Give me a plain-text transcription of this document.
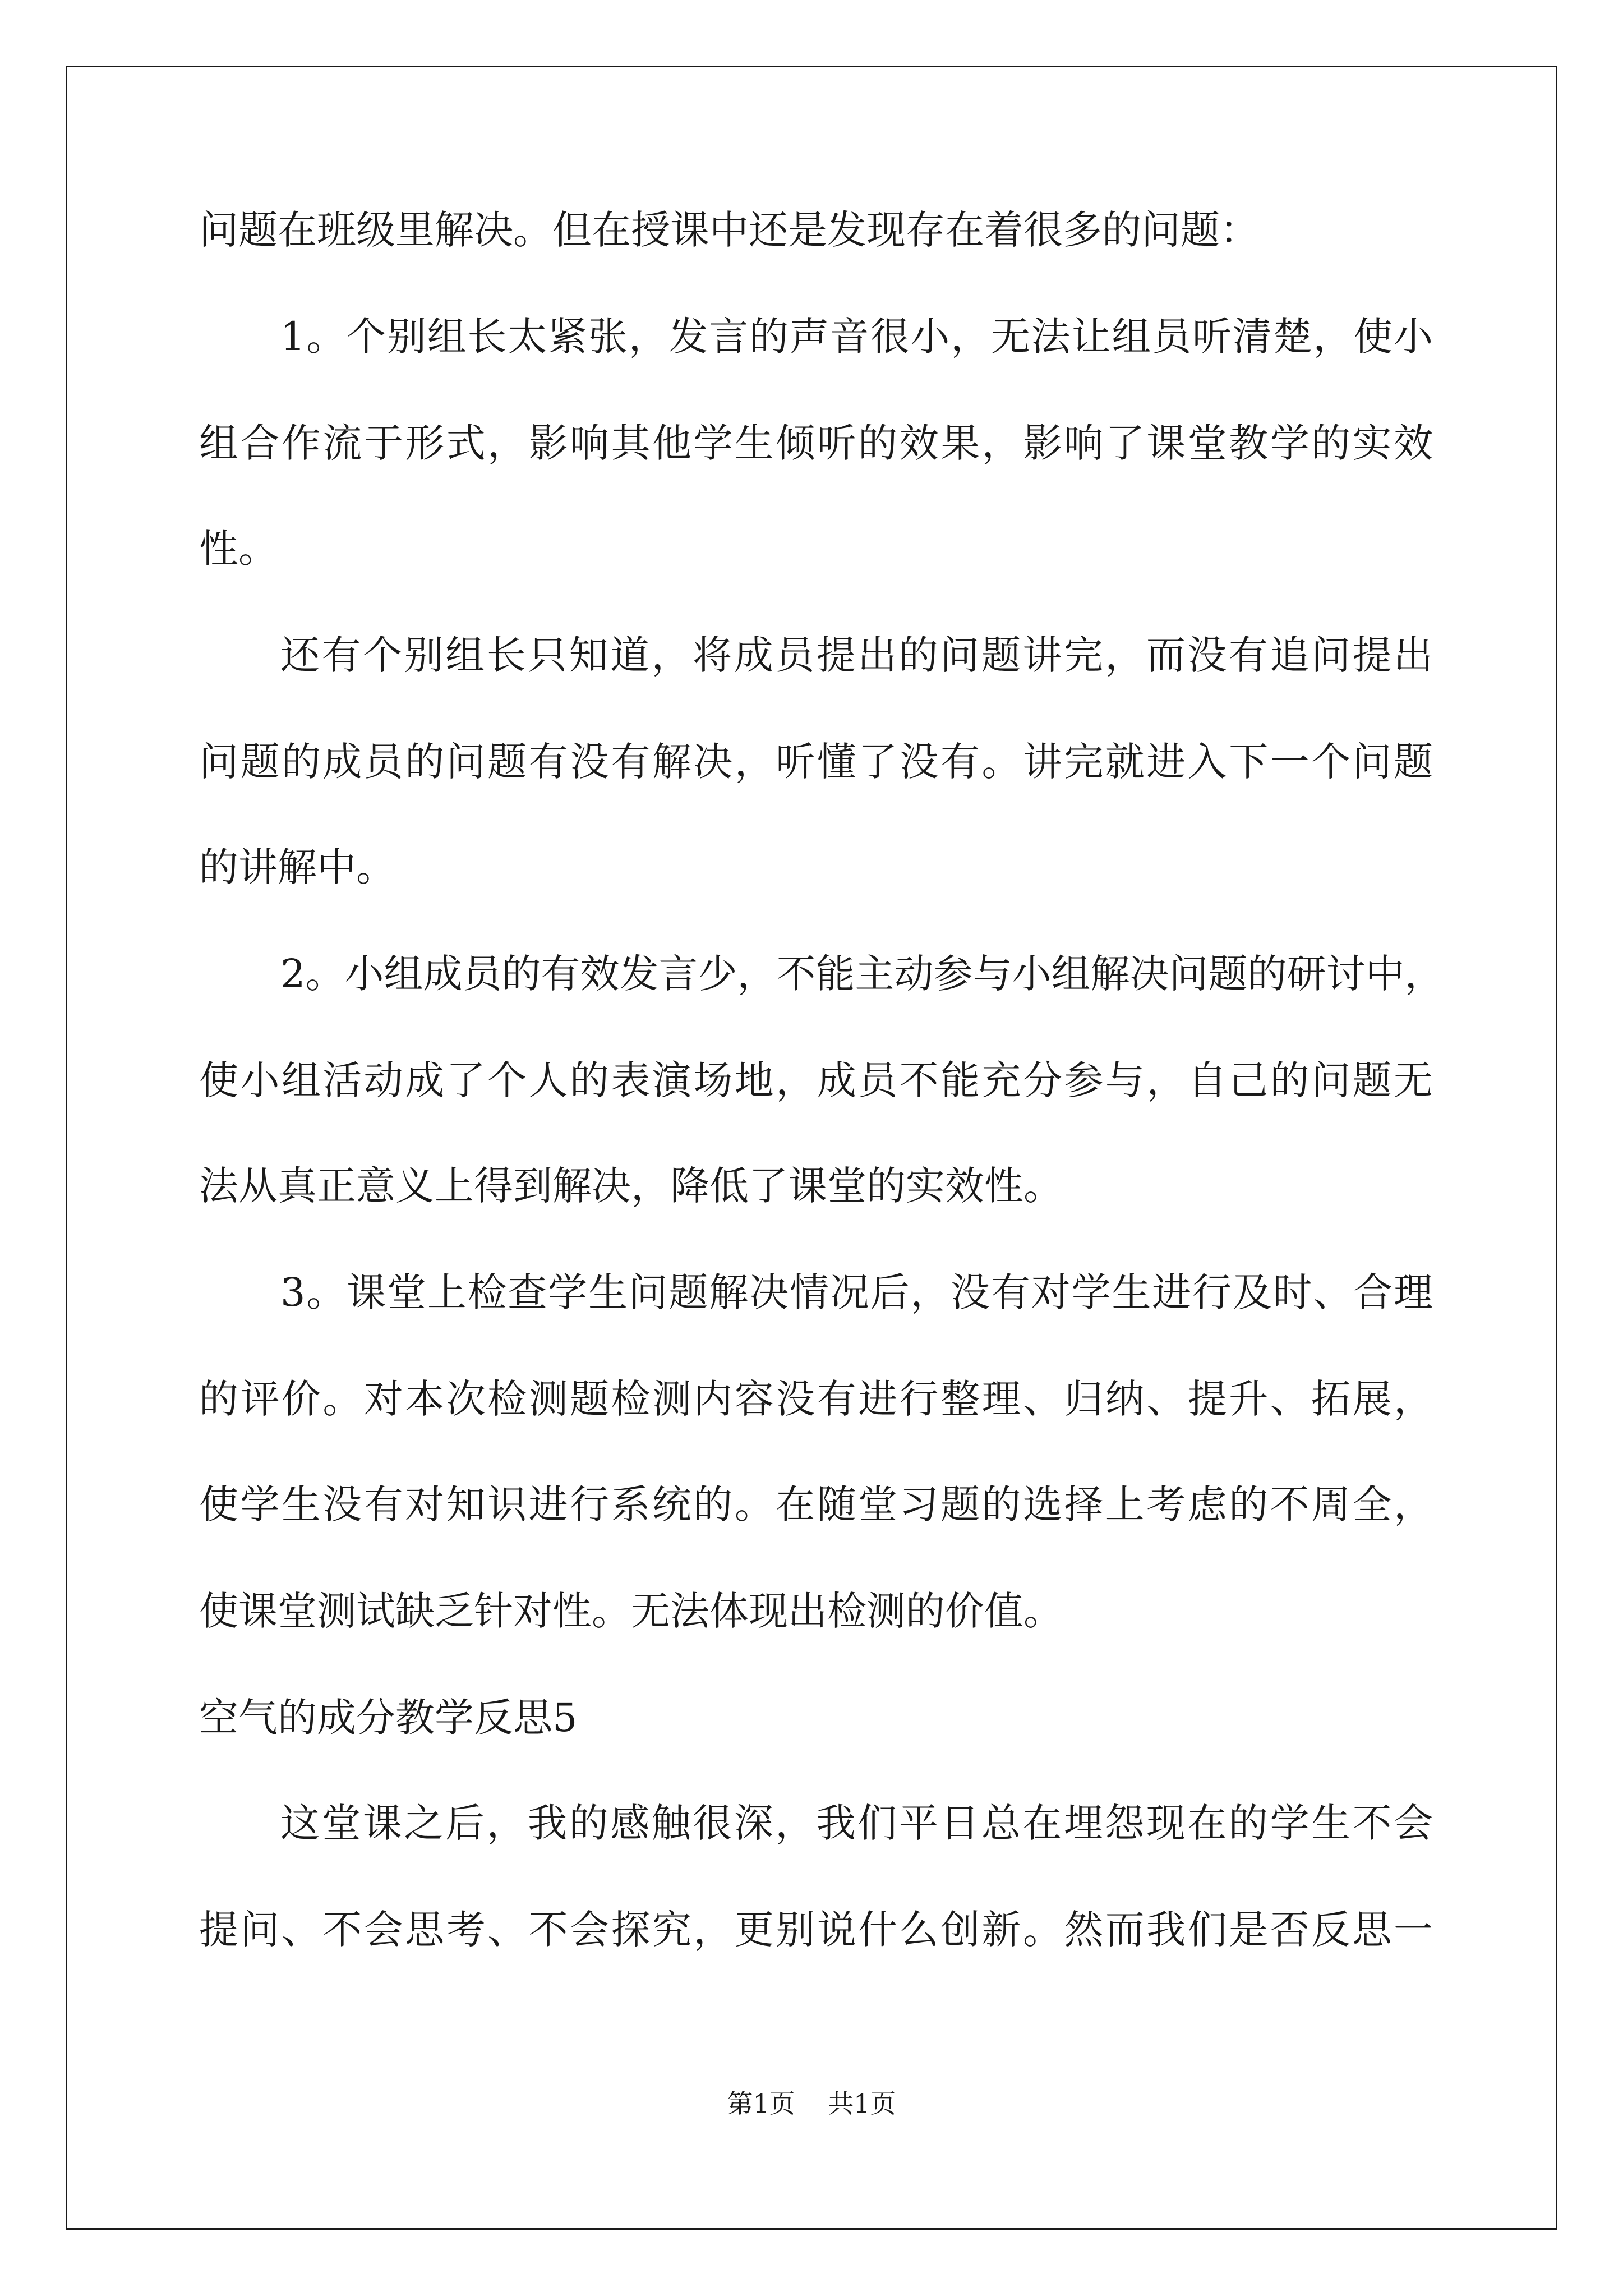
问题在班级里解决。但在授课中还是发现存在着很多的问题：
1。个别组长太紧张，发言的声音很小，无法让组员听清楚，使小
组合作流于形式，影响其他学生倾听的效果，影响了课堂教学的实效
性。
还有个别组长只知道，将成员提出的问题讲完，而没有追问提出
问题的成员的问题有没有解决，听懂了没有。讲完就进入下一个问题
的讲解中。
2。小组成员的有效发言少，不能主动参与小组解决问题的研讨中，
使小组活动成了个人的表演场地，成员不能充分参与，自己的问题无
法从真正意义上得到解决，降低了课堂的实效性。
3。课堂上检查学生问题解决情况后，没有对学生进行及时、合理
的评价。对本次检测题检测内容没有进行整理、归纳、提升、拓展，
使学生没有对知识进行系统的。在随堂习题的选择上考虑的不周全，
使课堂测试缺乏针对性。无法体现出检测的价值。
空气的成分教学反思5
这堂课之后，我的感触很深，我们平日总在埋怨现在的学生不会
提问、不会思考、不会探究，更别说什么创新。然而我们是否反思一
第1页 共1页
